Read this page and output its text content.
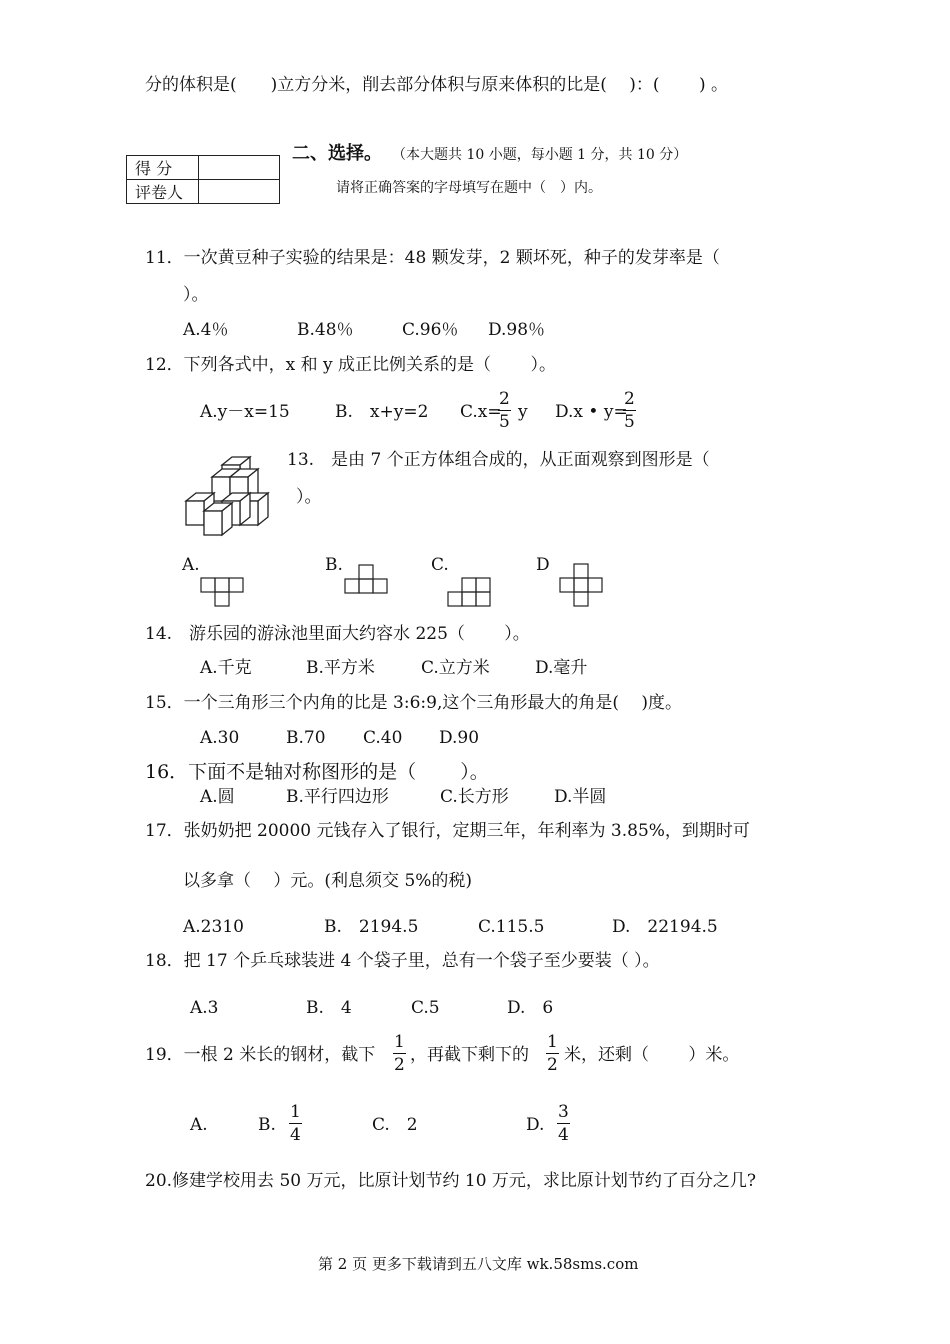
分的体积是(　　)立方分米，削去部分体积与原来体积的比是(　 )：(　　 ) 。
得 分	
评卷人	
二、选择。 （本大题共 10 小题，每小题 1 分，共 10 分）
请将正确答案的字母填写在题中（　）内。
11．一次黄豆种子实验的结果是：48 颗发芽，2 颗坏死，种子的发芽率是（
）。
A.4％	B.48％	C.96％ D.98％
12．下列各式中，x 和 y 成正比例关系的是（　　 ）。
A.y－x=15	B.　x+y=2 C.x=
$\frac{2}{5}$ y D.x • y=
$\frac{2}{5}$
13.　是由 7 个正方体组合成的，从正面观察到图形是（
）。
A.	B.	C.	D
14.　游乐园的游泳池里面大约容水 225（　　 ）。
A.千克	B.平方米	C.立方米	D.毫升
15．一个三角形三个内角的比是 3:6:9,这个三角形最大的角是(　 )度。
A.30	B.70 C.40 D.90
16．下面不是轴对称图形的是（　　 ）。
A.圆	B.平行四边形	C.长方形	D.半圆
17．张奶奶把 20000 元钱存入了银行，定期三年，年利率为 3.85%，到期时可
以多拿（　 ）元。(利息须交 5%的税)
A.2310	B.　2194.5	C.115.5	D.　22194.5
18．把 17 个乒乓球装进 4 个袋子里，总有一个袋子至少要装（ ）。
A.3	B.　4	C.5	D.　6
19．一根 2 米长的钢材，截下 $\frac{1}{2}$ ，再截下剩下的 $\frac{1}{2}$ 米，还剩（　　 ）米。
A.	B. $\frac{1}{4}$	C.　2	D. $\frac{3}{4}$
20.修建学校用去 50 万元，比原计划节约 10 万元，求比原计划节约了百分之几?
第 2 页 更多下载请到五八文库 wk.58sms.com
